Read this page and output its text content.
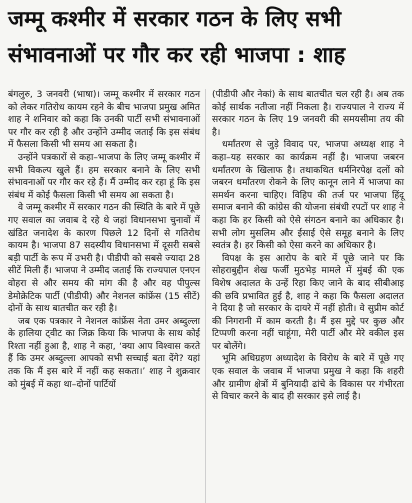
जम्मू कश्मीर में सरकार गठन के लिए सभी संभावनाओं पर गौर कर रही भाजपा : शाह

बंगलुरु, 3 जनवरी (भाषा)। जम्मू कश्मीर में सरकार गठन को लेकर गतिरोध कायम रहने के बीच भाजपा प्रमुख अमित शाह ने शनिवार को कहा कि उनकी पार्टी सभी संभावनाओं पर गौर कर रही है और उन्होंने उम्मीद जताई कि इस संबंध में फैसला किसी भी समय आ सकता है।

उन्होंने पत्रकारों से कहा–भाजपा के लिए जम्मू कश्मीर में सभी विकल्प खुले हैं। हम सरकार बनाने के लिए सभी संभावनाओं पर गौर कर रहे हैं। मैं उम्मीद कर रहा हूं कि इस संबंध में कोई फैसला किसी भी समय आ सकता है।

वे जम्मू कश्मीर में सरकार गठन की स्थिति के बारे में पूछे गए सवाल का जवाब दे रहे थे जहां विधानसभा चुनावों में खंडित जनादेश के कारण पिछले 12 दिनों से गतिरोध कायम है। भाजपा 87 सदस्यीय विधानसभा में दूसरी सबसे बड़ी पार्टी के रूप में उभरी है। पीडीपी को सबसे ज्यादा 28 सीटें मिली हैं। भाजपा ने उम्मीद जताई कि राज्यपाल एनएन वोहरा से और समय की मांग की है और वह पीपुल्स डेमोक्रेटिक पार्टी (पीडीपी) और नेशनल कांफ्रेंस (15 सीटें) दोनों के साथ बातचीत कर रही है।

जब एक पत्रकार ने नेशनल कांफ्रेंस नेता उमर अब्दुल्ला के हालिया ट्वीट का जिक्र किया कि भाजपा के साथ कोई रिश्ता नहीं हुआ है, शाह ने कहा, ‘क्या आप विश्वास करते हैं कि उमर अब्दुल्ला आपको सभी सच्चाई बता देंगे? यहां तक कि मैं इस बारे में नहीं कह सकता।’ शाह ने शुक्रवार को मुंबई में कहा था–दोनों पार्टियों

(पीडीपी और नेकां) के साथ बातचीत चल रही है। अब तक कोई सार्थक नतीजा नहीं निकला है। राज्यपाल ने राज्य में सरकार गठन के लिए 19 जनवरी की समयसीमा तय की है।

धर्मांतरण से जुड़े विवाद पर, भाजपा अध्यक्ष शाह ने कहा–यह सरकार का कार्यक्रम नहीं है। भाजपा जबरन धर्मांतरण के खिलाफ है। तथाकथित धर्मनिरपेक्ष दलों को जबरन धर्मांतरण रोकने के लिए कानून लाने में भाजपा का समर्थन करना चाहिए। विहिप की तर्ज पर भाजपा हिंदू समाज बनाने की कांग्रेस की योजना संबंधी रपटों पर शाह ने कहा कि हर किसी को ऐसे संगठन बनाने का अधिकार है। सभी लोग मुसलिम और ईसाई ऐसे समूह बनाने के लिए स्वतंत्र है। हर किसी को ऐसा करने का अधिकार है।

विपक्ष के इस आरोप के बारे में पूछे जाने पर कि सोहराबुद्दीन शेख फर्जी मुठभेड़ मामले में मुंबई की एक विशेष अदालत के उन्हें रिहा किए जाने के बाद सीबीआइ की छवि प्रभावित हुई है, शाह ने कहा कि फैसला अदालत ने दिया है जो सरकार के दायरे में नहीं होती। वे सुप्रीम कोर्ट की निगरानी में काम करती है। मैं इस मुद्दे पर कुछ और टिप्पणी करना नहीं चाहूंगा, मेरी पार्टी और मेरे वकील इस पर बोलेंगे।

भूमि अधिग्रहण अध्यादेश के विरोध के बारे में पूछे गए एक सवाल के जवाब में भाजपा प्रमुख ने कहा कि शहरी और ग्रामीण क्षेत्रों में बुनियादी ढांचे के विकास पर गंभीरता से विचार करने के बाद ही सरकार इसे लाई है।
